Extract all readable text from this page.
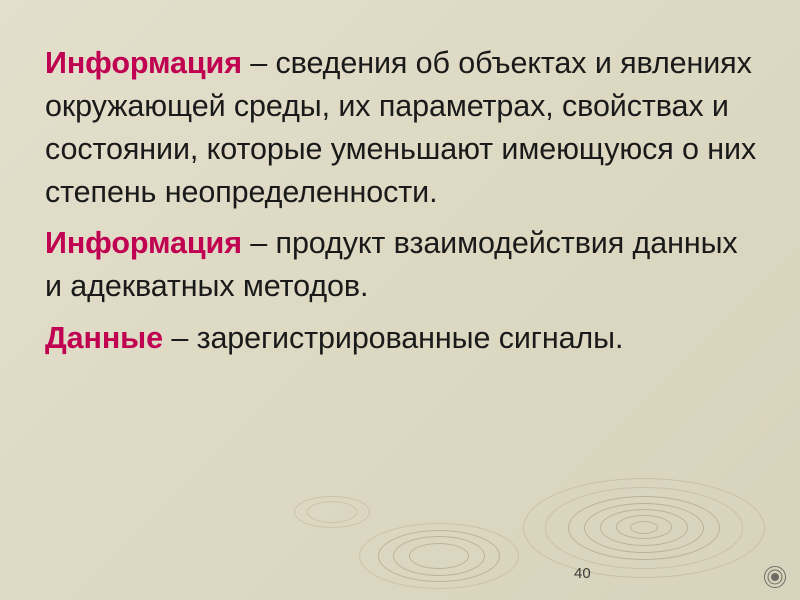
Информация – сведения об объектах и явлениях окружающей среды, их параметрах, свойствах и состоянии, которые уменьшают имеющуюся о них степень неопределенности.

Информация – продукт взаимодействия данных и адекватных методов.

Данные – зарегистрированные сигналы.

40
